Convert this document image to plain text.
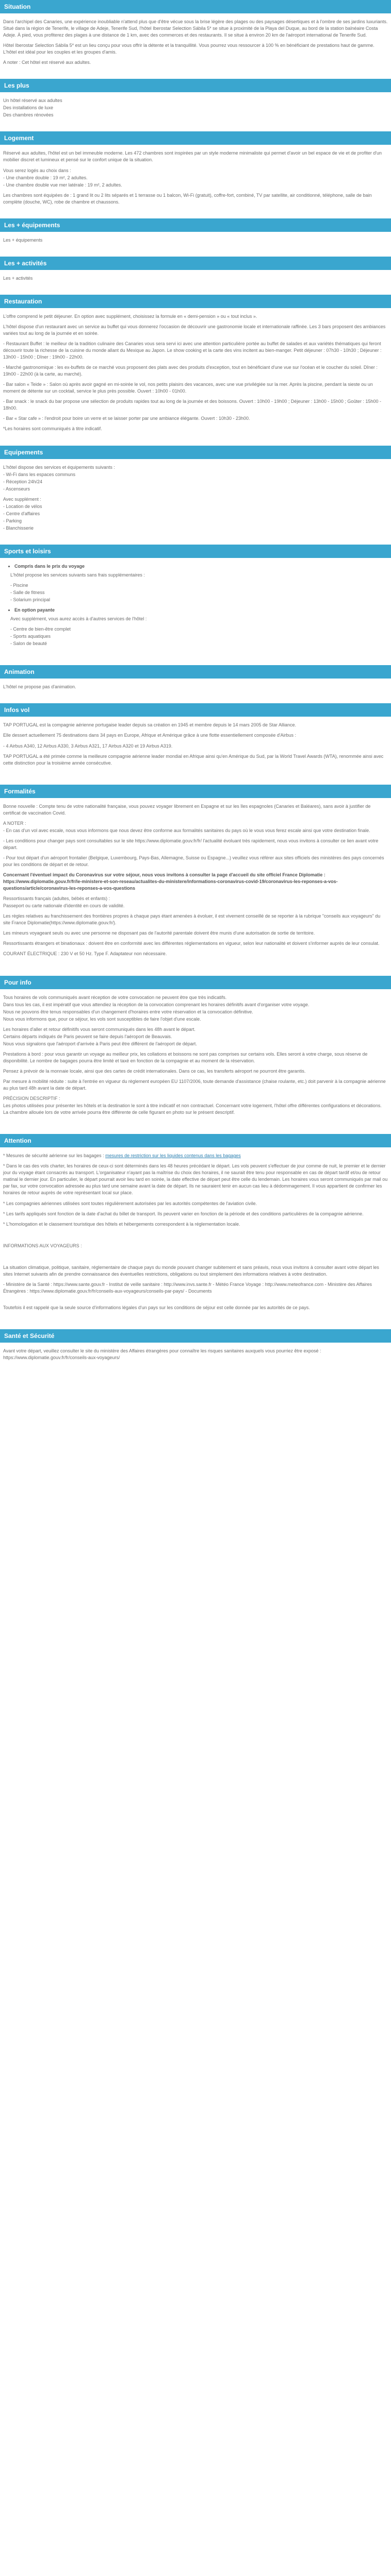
Situation

Dans l'archipel des Canaries, une expérience inoubliable n'attend plus que d'être vécue sous la brise légère des plages ou des paysages désertiques et à l'ombre de ses jardins luxuriants. Situé dans la région de Tenerife, le village de Adeje, Tenerife Sud, l'hôtel Iberostar Selection Sábila 5* se situe à proximité de la Playa del Duque, au bord de la station balnéaire Costa Adeje. À pied, vous profiterez des plages à une distance de 1 km, avec des commerces et des restaurants. Il se situe à environ 20 km de l'aéroport international de Tenerife Sud.

Hôtel Iberostar Selection Sábila 5* est un lieu conçu pour vous offrir la détente et la tranquillité. Vous pourrez vous ressourcer à 100 % en bénéficiant de prestations haut de gamme. L'hôtel est idéal pour les couples et les groupes d'amis.

A noter : Cet hôtel est réservé aux adultes.

Les plus

Un hôtel réservé aux adultes

Des installations de luxe

Des chambres rénovées

Logement

Réservé aux adultes, l'hôtel est un bel immeuble moderne. Les 472 chambres sont inspirées par un style moderne minimaliste qui permet d'avoir un bel espace de vie et de profiter d'un mobilier discret et lumineux et pensé sur le confort unique de la situation.

Vous serez logés au choix dans :

- Une chambre double : 19 m², 2 adultes.

- Une chambre double vue mer latérale : 19 m², 2 adultes.

Les chambres sont équipées de : 1 grand lit ou 2 lits séparés et 1 terrasse ou 1 balcon, Wi-Fi (gratuit), coffre-fort, combiné, TV par satellite, air conditionné, téléphone, salle de bain complète (douche, WC), robe de chambre et chaussons.

Les + équipements

Les + équipements

Les + activités

Les + activités

Restauration

L'offre comprend le petit déjeuner. En option avec supplément, choisissez la formule en « demi-pension » ou « tout inclus ».

L'hôtel dispose d'un restaurant avec un service au buffet qui vous donnerez l'occasion de découvrir une gastronomie locale et internationale raffinée. Les 3 bars proposent des ambiances variées tout au long de la journée et en soirée.

- Restaurant Buffet : le meilleur de la tradition culinaire des Canaries vous sera servi ici avec une attention particulière portée au buffet de salades et aux variétés thématiques qui feront découvrir toute la richesse de la cuisine du monde allant du Mexique au Japon. Le show cooking et la carte des vins incitent au bien-manger. Petit déjeuner : 07h30 - 10h30 ; Déjeuner : 13h00 - 15h00 ; Dîner : 19h00 - 22h00.

- Marché gastronomique : les ex-buffets de ce marché vous proposent des plats avec des produits d'exception, tout en bénéficiant d'une vue sur l'océan et le coucher du soleil. Dîner : 19h00 - 22h00 (à la carte, au marché).

- Bar salon « Teide » : Salon où après avoir gagné en mi-soirée le vol, nos petits plaisirs des vacances, avec une vue privilégiée sur la mer. Après la piscine, pendant la sieste ou un moment de détente sur un cocktail, service le plus près possible. Ouvert : 10h00 - 01h00.

- Bar snack : le snack du bar propose une sélection de produits rapides tout au long de la journée et des boissons. Ouvert : 10h00 - 19h00 ; Déjeuner : 13h00 - 15h00 ; Goûter : 15h00 - 18h00.

- Bar « Star cafe » : l'endroit pour boire un verre et se laisser porter par une ambiance élégante. Ouvert : 10h30 - 23h00.

*Les horaires sont communiqués à titre indicatif.

Equipements

L'hôtel dispose des services et équipements suivants :

- Wi-Fi dans les espaces communs

- Réception 24h/24

- Ascenseurs

Avec supplément :

- Location de vélos

- Centre d'affaires

- Parking

- Blanchisserie

Sports et loisirs
• Compris dans le prix du voyage

L'hôtel propose les services suivants sans frais supplémentaires :

- Piscine

- Salle de fitness

- Solarium principal

• En option payante

Avec supplément, vous aurez accès à d'autres services de l'hôtel :

- Centre de bien-être complet

- Sports aquatiques

- Salon de beauté

Animation

L'hôtel ne propose pas d'animation.

Infos vol

TAP PORTUGAL est la compagnie aérienne portugaise leader depuis sa création en 1945 et membre depuis le 14 mars 2005 de Star Alliance.

Elle dessert actuellement 75 destinations dans 34 pays en Europe, Afrique et Amérique grâce à une flotte essentiellement composée d'Airbus :

- 4 Airbus A340, 12 Airbus A330, 3 Airbus A321, 17 Airbus A320 et 19 Airbus A319.

TAP PORTUGAL a été primée comme la meilleure compagnie aérienne leader mondial en Afrique ainsi qu'en Amérique du Sud, par la World Travel Awards (WTA), renommée ainsi avec cette distinction pour la troisième année consécutive.

Formalités

Bonne nouvelle : Compte tenu de votre nationalité française, vous pouvez voyager librement en Espagne et sur les îles espagnoles (Canaries et Baléares), sans avoir à justifier de certificat de vaccination Covid.

A NOTER :

- En cas d'un vol avec escale, nous vous informons que nous devez être conforme aux formalités sanitaires du pays où le vous vous ferez escale ainsi que votre destination finale.

- Les conditions pour changer pays sont consultables sur le site https://www.diplomatie.gouv.fr/fr/ l'actualité évoluant très rapidement, nous vous invitons à consulter ce lien avant votre départ.

- Pour tout départ d'un aéroport frontalier (Belgique, Luxembourg, Pays-Bas, Allemagne, Suisse ou Espagne...) veuillez vous référer aux sites officiels des ministères des pays concernés pour les conditions de départ et de retour.

Concernant l'éventuel impact du Coronavirus sur votre séjour, nous vous invitons à consulter la page d'accueil du site officiel France Diplomatie : https://www.diplomatie.gouv.fr/fr/le-ministere-et-son-reseau/actualites-du-ministere/informations-coronavirus-covid-19/coronavirus-les-reponses-a-vos-questions/article/coronavirus-les-reponses-a-vos-questions

Ressortissants français (adultes, bébés et enfants) :

Passeport ou carte nationale d'identité en cours de validité.

Les règles relatives au franchissement des frontières propres à chaque pays étant amenées à évoluer, il est vivement conseillé de se reporter à la rubrique "conseils aux voyageurs" du site France Diplomatie(https://www.diplomatie.gouv.fr/).

Les mineurs voyageant seuls ou avec une personne ne disposant pas de l'autorité parentale doivent être munis d'une autorisation de sortie de territoire.

Ressortissants étrangers et binationaux : doivent être en conformité avec les différentes réglementations en vigueur, selon leur nationalité et doivent s'informer auprès de leur consulat.

COURANT ÉLECTRIQUE : 230 V et 50 Hz. Type F. Adaptateur non nécessaire.

Pour info

Tous horaires de vols communiqués avant réception de votre convocation ne peuvent être que très indicatifs.

Dans tous les cas, il est impératif que vous attendiez la réception de la convocation comprenant les horaires définitifs avant d'organiser votre voyage.

Nous ne pouvons être tenus responsables d'un changement d'horaires entre votre réservation et la convocation définitive.

Nous vous informons que, pour ce séjour, les vols sont susceptibles de faire l'objet d'une escale.

Les horaires d'aller et retour définitifs vous seront communiqués dans les 48h avant le départ.

Certains départs indiqués de Paris peuvent se faire depuis l'aéroport de Beauvais.

Nous vous signalons que l'aéroport d'arrivée à Paris peut être différent de l'aéroport de départ.

Prestations à bord : pour vous garantir un voyage au meilleur prix, les collations et boissons ne sont pas comprises sur certains vols. Elles seront à votre charge, sous réserve de disponibilité. Le nombre de bagages pourra être limité et taxé en fonction de la compagnie et au moment de la réservation.

Pensez à prévoir de la monnaie locale, ainsi que des cartes de crédit internationales. Dans ce cas, les transferts aéroport ne pourront être garantis.

Par mesure à mobilité réduite : suite à l'entrée en vigueur du règlement européen EU 1107/2006, toute demande d'assistance (chaise roulante, etc.) doit parvenir à la compagnie aérienne au plus tard 48h avant la date de départ.

PRÉCISION DESCRIPTIF :

Les photos utilisées pour présenter les hôtels et la destination le sont à titre indicatif et non contractuel. Concernant votre logement, l'hôtel offre différentes configurations et décorations. La chambre allouée lors de votre arrivée pourra être différente de celle figurant en photo sur le présent descriptif.

Attention

* Mesures de sécurité aérienne sur les bagages : mesures de restriction sur les liquides contenus dans les bagages

* Dans le cas des vols charter, les horaires de ceux-ci sont déterminés dans les 48 heures précédant le départ. Les vols peuvent s'effectuer de jour comme de nuit, le premier et le dernier jour du voyage étant consacrés au transport. L'organisateur n'ayant pas la maîtrise du choix des horaires, il ne saurait être tenu pour responsable en cas de départ tardif et/ou de retour matinal le dernier jour. En particulier, le départ pourrait avoir lieu tard en soirée, la date effective de départ peut être celle du lendemain. Les horaires vous seront communiqués par mail ou par fax, sur votre convocation adressée au plus tard une semaine avant la date de départ. Ils ne sauraient tenir en aucun cas lieu à dédommagement. Il vous appartient de confirmer les horaires de retour auprès de votre représentant local sur place.

* Les compagnies aériennes utilisées sont toutes régulièrement autorisées par les autorités compétentes de l'aviation civile.

* Les tarifs appliqués sont fonction de la date d'achat du billet de transport. Ils peuvent varier en fonction de la période et des conditions particulières de la compagnie aérienne.

* L'homologation et le classement touristique des hôtels et hébergements correspondent à la réglementation locale.

INFORMATIONS AUX VOYAGEURS :

La situation climatique, politique, sanitaire, réglementaire de chaque pays du monde pouvant changer subitement et sans préavis, nous vous invitons à consulter avant votre départ les sites Internet suivants afin de prendre connaissance des éventuelles restrictions, obligations ou tout simplement des informations relatives à votre destination.

- Ministère de la Santé : https://www.sante.gouv.fr - Institut de veille sanitaire : http://www.invs.sante.fr - Météo France Voyage : http://www.meteofrance.com - Ministère des Affaires Étrangères : https://www.diplomatie.gouv.fr/fr/conseils-aux-voyageurs/conseils-par-pays/ - Documents

Toutefois il est rappelé que la seule source d'informations légales d'un pays sur les conditions de séjour est celle donnée par les autorités de ce pays.

Santé et Sécurité

Avant votre départ, veuillez consulter le site du ministère des Affaires étrangères pour connaître les risques sanitaires auxquels vous pourriez être exposé : https://www.diplomatie.gouv.fr/fr/conseils-aux-voyageurs/
